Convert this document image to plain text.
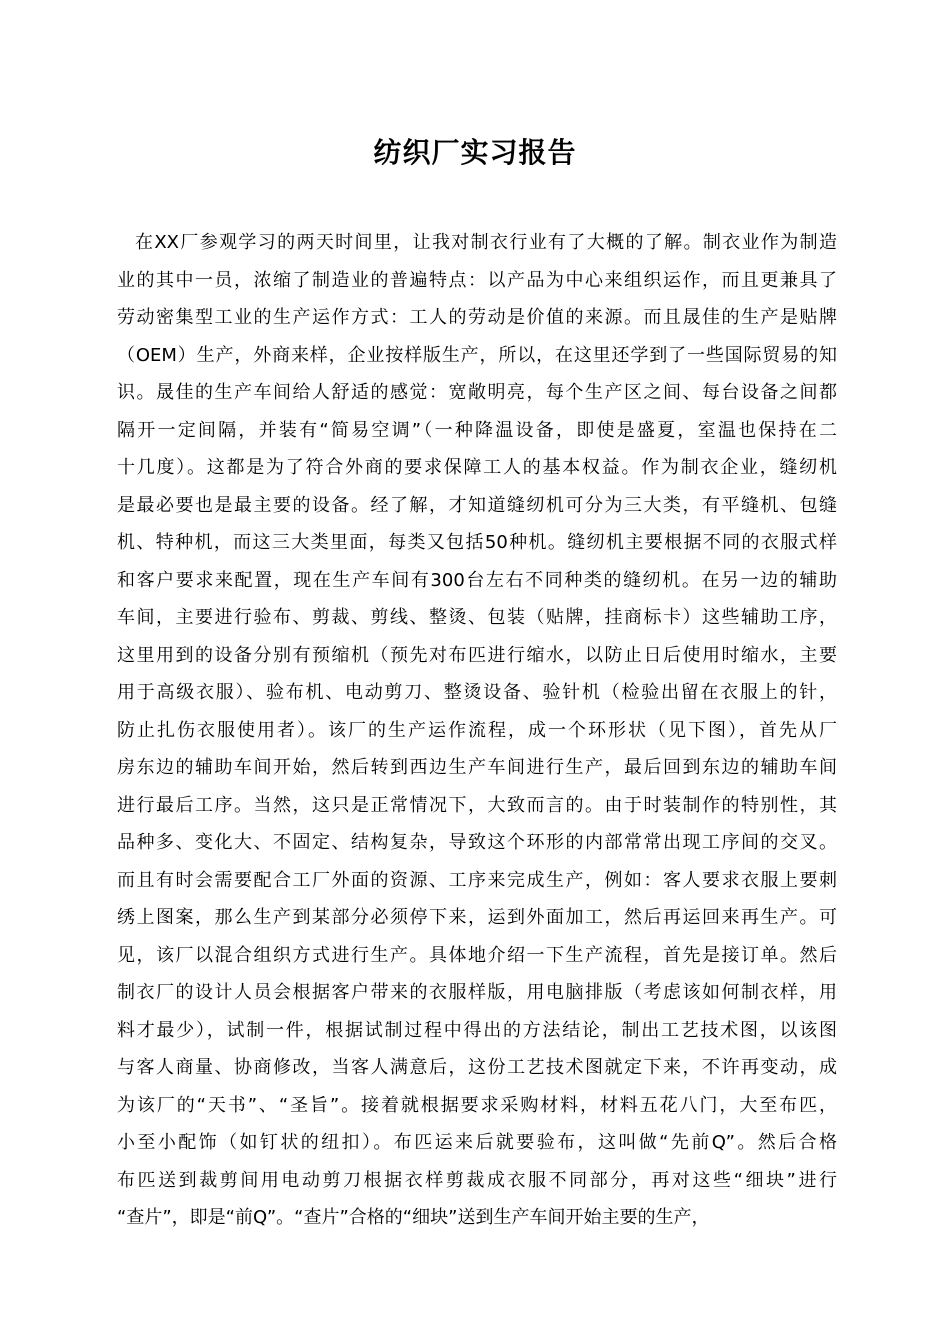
纺织厂实习报告
在XX厂参观学习的两天时间里，让我对制衣行业有了大概的了解。制衣业作为制造
业的其中一员，浓缩了制造业的普遍特点：以产品为中心来组织运作，而且更兼具了
劳动密集型工业的生产运作方式：工人的劳动是价值的来源。而且晟佳的生产是贴牌
（OEM）生产，外商来样，企业按样版生产，所以，在这里还学到了一些国际贸易的知
识。晟佳的生产车间给人舒适的感觉：宽敞明亮，每个生产区之间、每台设备之间都
隔开一定间隔，并装有“简易空调”（一种降温设备，即使是盛夏，室温也保持在二
十几度）。这都是为了符合外商的要求保障工人的基本权益。作为制衣企业，缝纫机
是最必要也是最主要的设备。经了解，才知道缝纫机可分为三大类，有平缝机、包缝
机、特种机，而这三大类里面，每类又包括50种机。缝纫机主要根据不同的衣服式样
和客户要求来配置，现在生产车间有300台左右不同种类的缝纫机。在另一边的辅助
车间，主要进行验布、剪裁、剪线、整烫、包装（贴牌，挂商标卡）这些辅助工序，
这里用到的设备分别有预缩机（预先对布匹进行缩水，以防止日后使用时缩水，主要
用于高级衣服）、验布机、电动剪刀、整烫设备、验针机（检验出留在衣服上的针，
防止扎伤衣服使用者）。该厂的生产运作流程，成一个环形状（见下图），首先从厂
房东边的辅助车间开始，然后转到西边生产车间进行生产，最后回到东边的辅助车间
进行最后工序。当然，这只是正常情况下，大致而言的。由于时装制作的特别性，其
品种多、变化大、不固定、结构复杂，导致这个环形的内部常常出现工序间的交叉。
而且有时会需要配合工厂外面的资源、工序来完成生产，例如：客人要求衣服上要刺
绣上图案，那么生产到某部分必须停下来，运到外面加工，然后再运回来再生产。可
见，该厂以混合组织方式进行生产。具体地介绍一下生产流程，首先是接订单。然后
制衣厂的设计人员会根据客户带来的衣服样版，用电脑排版（考虑该如何制衣样，用
料才最少），试制一件，根据试制过程中得出的方法结论，制出工艺技术图，以该图
与客人商量、协商修改，当客人满意后，这份工艺技术图就定下来，不许再变动，成
为该厂的“天书”、“圣旨”。接着就根据要求采购材料，材料五花八门，大至布匹，
小至小配饰（如钉状的纽扣）。布匹运来后就要验布，这叫做“先前Q”。然后合格
布匹送到裁剪间用电动剪刀根据衣样剪裁成衣服不同部分，再对这些“细块”进行
“查片”，即是“前Q”。“查片”合格的“细块”送到生产车间开始主要的生产，
